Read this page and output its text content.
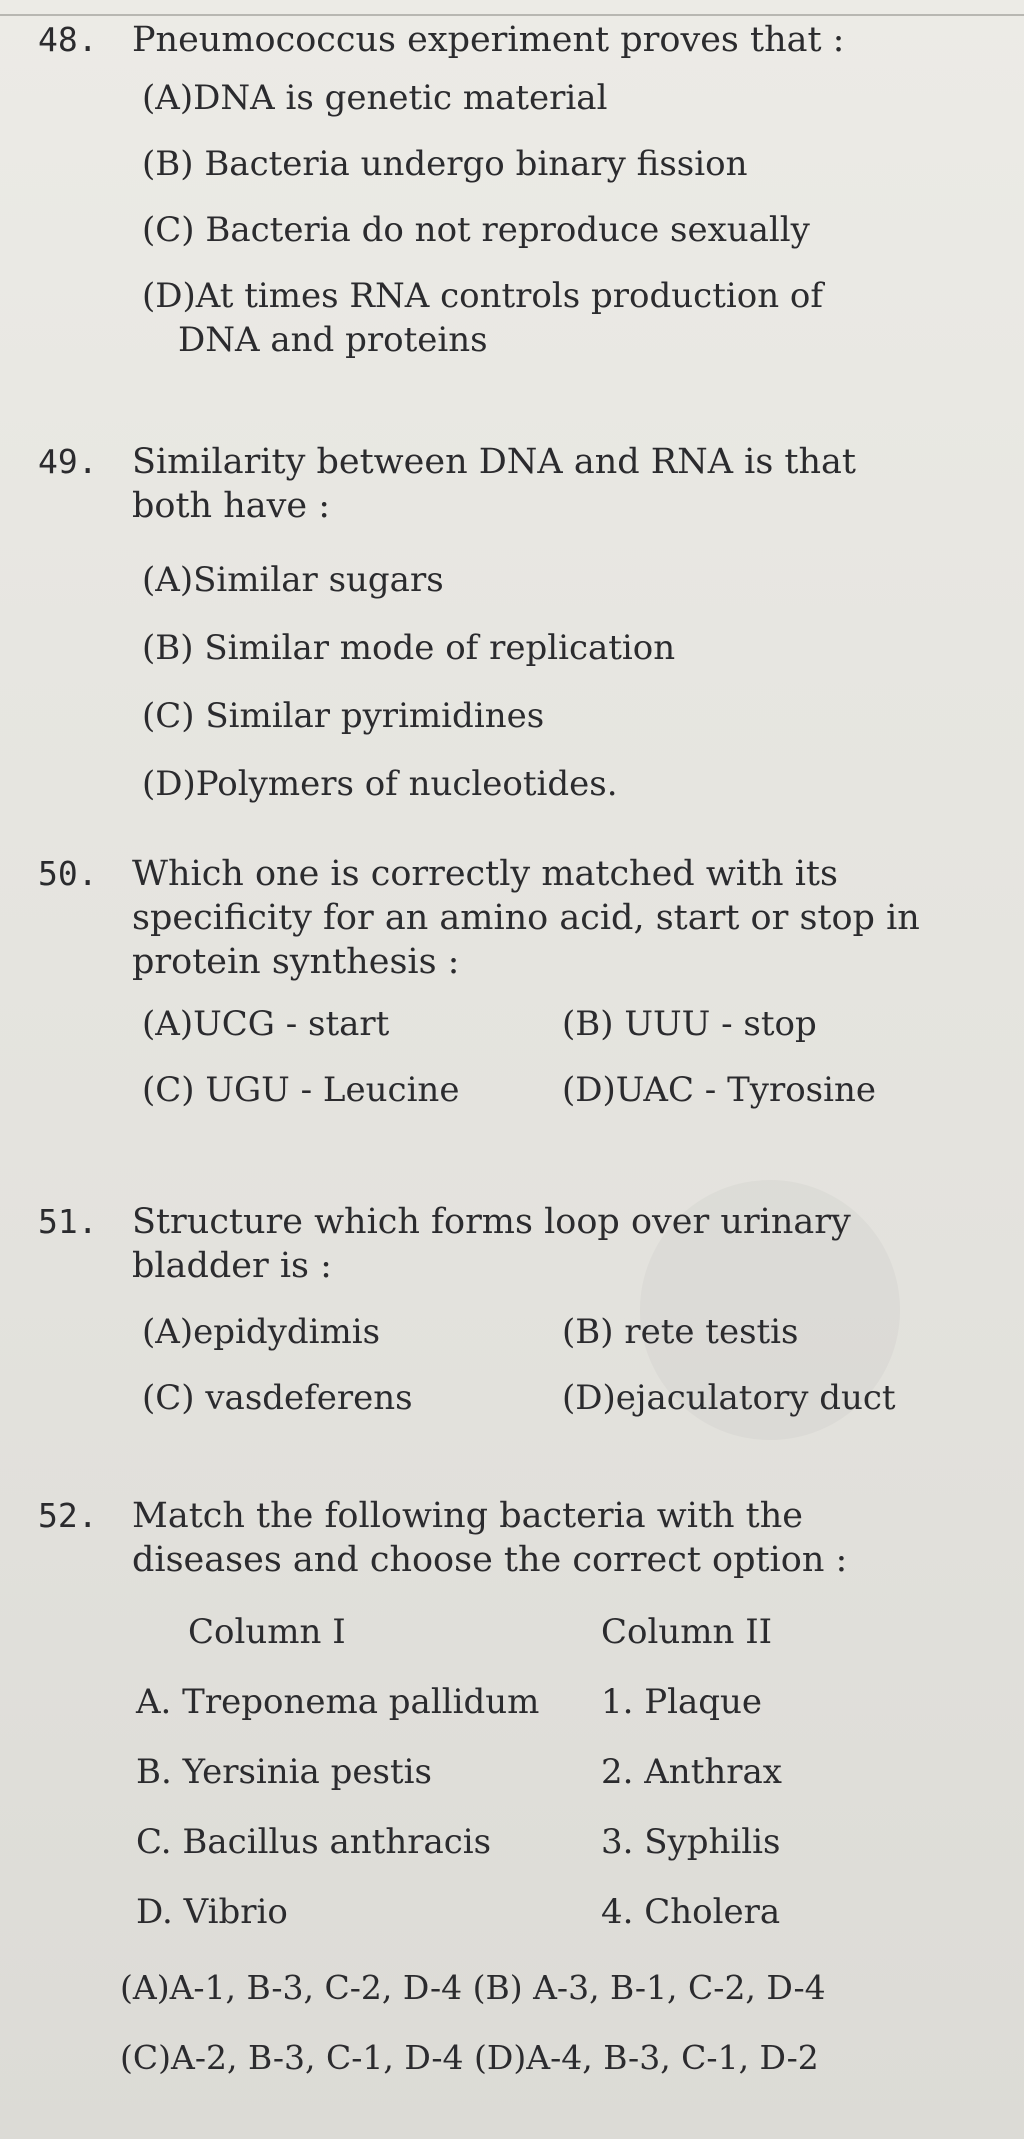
48. Pneumococcus experiment proves that :
(A)DNA is genetic material
(B) Bacteria undergo binary fission
(C) Bacteria do not reproduce sexually
(D)At times RNA controls production of
DNA and proteins
49. Similarity between DNA and RNA is that
both have :
(A)Similar sugars
(B) Similar mode of replication
(C) Similar pyrimidines
(D)Polymers of nucleotides.
50. Which one is correctly matched with its
specificity for an amino acid, start or stop in
protein synthesis :
(A)UCG - start	(B) UUU - stop
(C) UGU - Leucine	(D)UAC - Tyrosine
51. Structure which forms loop over urinary
bladder is :
(A)epidydimis	(B) rete testis
(C) vasdeferens	(D)ejaculatory duct
52. Match the following bacteria with the
diseases and choose the correct option :
Column I	Column II
A. Treponema pallidum	1. Plaque
B. Yersinia pestis	2. Anthrax
C. Bacillus anthracis	3. Syphilis
D. Vibrio	4. Cholera
(A)A-1, B-3, C-2, D-4 (B) A-3, B-1, C-2, D-4
(C)A-2, B-3, C-1, D-4 (D)A-4, B-3, C-1, D-2
